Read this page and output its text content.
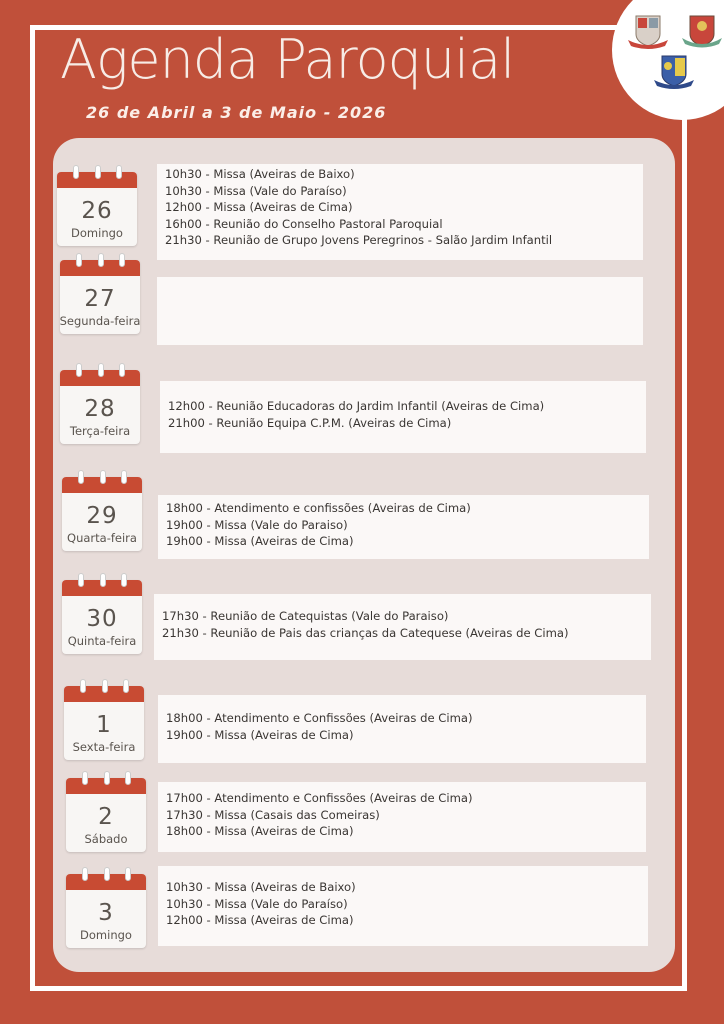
Agenda Paroquial
26 de Abril a 3 de Maio - 2026
26
Domingo
10h30 - Missa (Aveiras de Baixo)
10h30 - Missa (Vale do Paraíso)
12h00 - Missa (Aveiras de Cima)
16h00 - Reunião do Conselho Pastoral Paroquial
21h30 - Reunião de Grupo Jovens Peregrinos - Salão Jardim Infantil
27
Segunda-feira
28
Terça-feira
12h00 - Reunião Educadoras do Jardim Infantil (Aveiras de Cima)
21h00 - Reunião Equipa C.P.M. (Aveiras de Cima)
29
Quarta-feira
18h00 - Atendimento e confissões (Aveiras de Cima)
19h00 - Missa (Vale do Paraiso)
19h00 - Missa (Aveiras de Cima)
30
Quinta-feira
17h30 - Reunião de Catequistas (Vale do Paraiso)
21h30 - Reunião de Pais das crianças da Catequese (Aveiras de Cima)
1
Sexta-feira
18h00 - Atendimento e Confissões (Aveiras de Cima)
19h00 - Missa (Aveiras de Cima)
2
Sábado
17h00 - Atendimento e Confissões (Aveiras de Cima)
17h30 - Missa (Casais das Comeiras)
18h00 - Missa (Aveiras de Cima)
3
Domingo
10h30 - Missa (Aveiras de Baixo)
10h30 - Missa (Vale do Paraíso)
12h00 - Missa (Aveiras de Cima)
